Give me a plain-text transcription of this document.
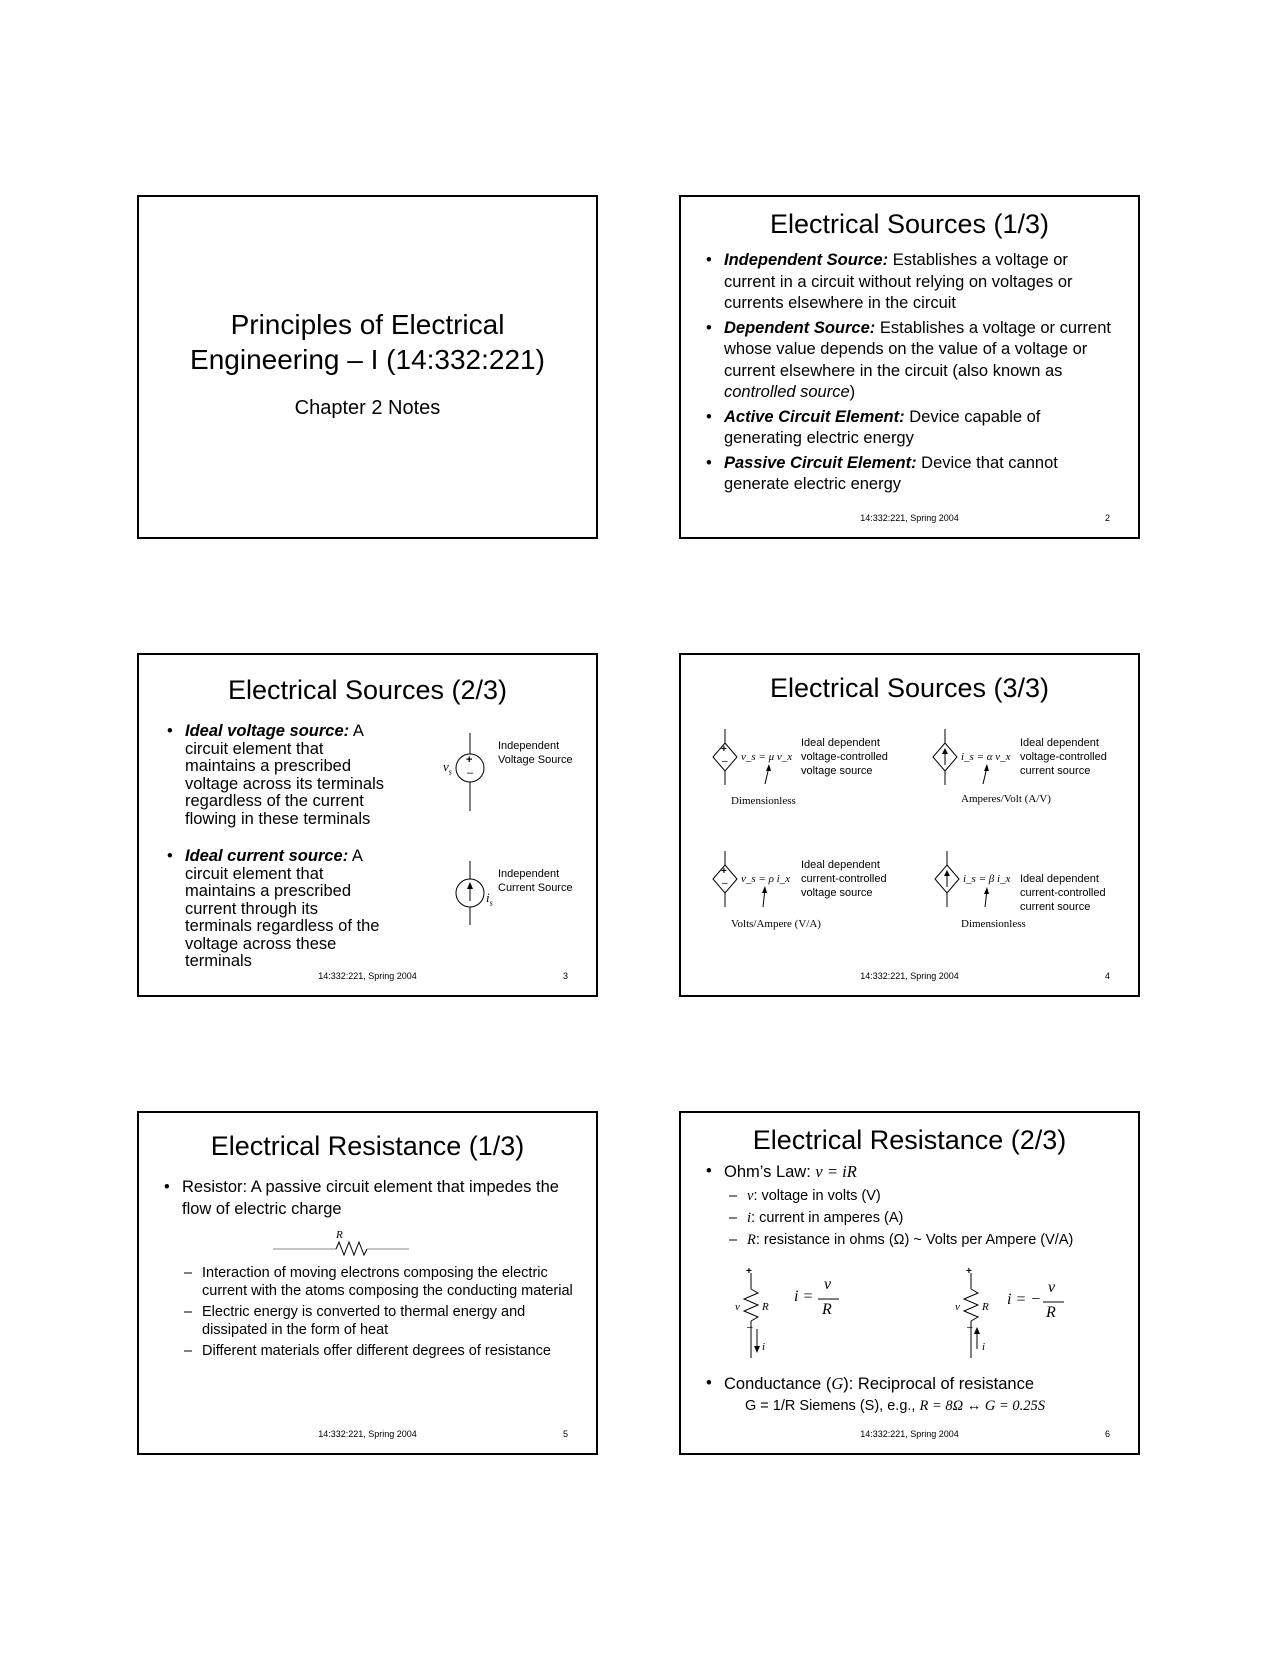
Principles of Electrical
Engineering – I (14:332:221)
Chapter 2 Notes
Electrical Sources (1/3)
• Independent Source: Establishes a voltage or current in a circuit without relying on voltages or currents elsewhere in the circuit
• Dependent Source: Establishes a voltage or current whose value depends on the value of a voltage or current elsewhere in the circuit (also known as controlled source)
• Active Circuit Element: Device capable of generating electric energy
• Passive Circuit Element: Device that cannot generate electric energy
14:332:221, Spring 2004	2
Electrical Sources (2/3)
• Ideal voltage source: A circuit element that maintains a prescribed voltage across its terminals regardless of the current flowing in these terminals
• Ideal current source: A circuit element that maintains a prescribed current through its terminals regardless of the voltage across these terminals
+
–
$v_s$
Independent Voltage Source
$i_s$
Independent Current Source
14:332:221, Spring 2004	3
Electrical Sources (3/3)
+
–
+
–
v_s = μ v_x
Ideal dependent voltage-controlled voltage source
Dimensionless
i_s = α v_x
Ideal dependent voltage-controlled current source
Amperes/Volt (A/V)
v_s = ρ i_x
Ideal dependent current-controlled voltage source
Volts/Ampere (V/A)
i_s = β i_x Ideal dependent current-controlled current source
Dimensionless
14:332:221, Spring 2004	4
Electrical Resistance (1/3)
• Resistor: A passive circuit element that impedes the flow of electric charge
R
– Interaction of moving electrons composing the electric current with the atoms composing the conducting material
– Electric energy is converted to thermal energy and dissipated in the form of heat
– Different materials offer different degrees of resistance
14:332:221, Spring 2004	5
Electrical Resistance (2/3)
• Ohm’s Law: v = iR
– v: voltage in volts (V)
– i: current in amperes (A)
– R: resistance in ohms (Ω) ~ Volts per Ampere (V/A)
+
–
v R
i
i =
v
R
+
–
v R
i
i = −
v
R
• Conductance (G): Reciprocal of resistance
G = 1/R Siemens (S), e.g., R = 8Ω ↔ G = 0.25S
14:332:221, Spring 2004	6
